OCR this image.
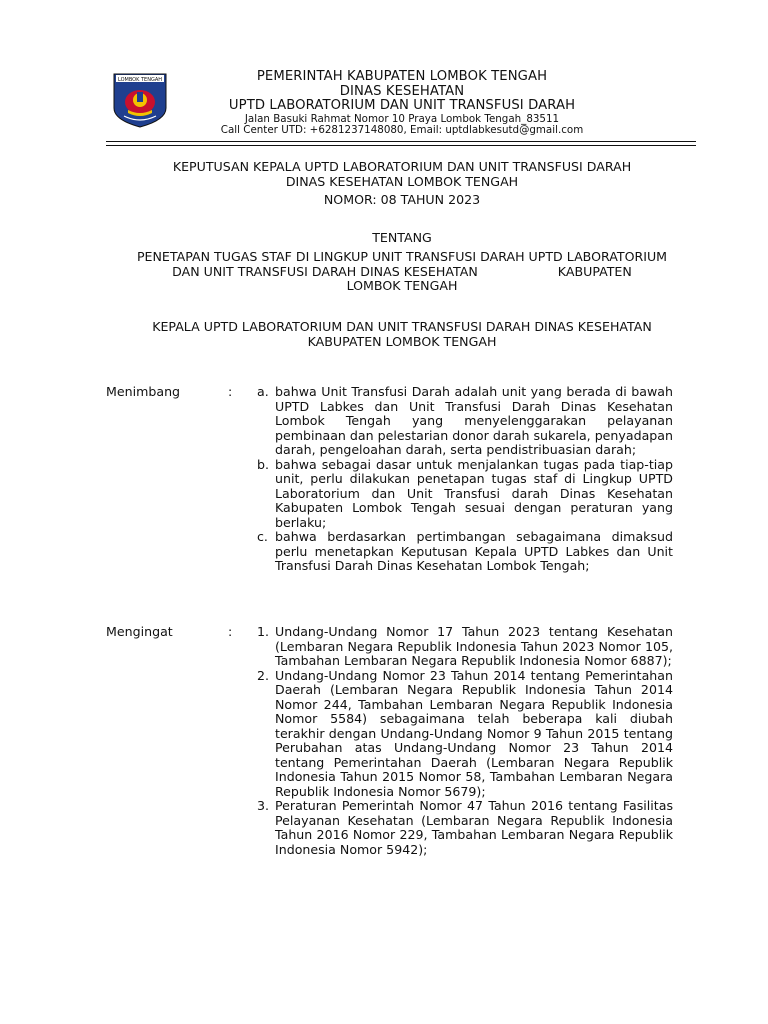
LOMBOK TENGAH	PEMERINTAH KABUPATEN LOMBOK TENGAH
DINAS KESEHATAN
UPTD LABORATORIUM DAN UNIT TRANSFUSI DARAH
Jalan Basuki Rahmat Nomor 10 Praya Lombok Tengah_83511
Call Center UTD: +6281237148080, Email: uptdlabkesutd@gmail.com
KEPUTUSAN KEPALA UPTD LABORATORIUM DAN UNIT TRANSFUSI DARAH
DINAS KESEHATAN LOMBOK TENGAH
NOMOR: 08 TAHUN 2023
TENTANG
PENETAPAN TUGAS STAF DI LINGKUP UNIT TRANSFUSI DARAH UPTD LABORATORIUM
DAN UNIT TRANSFUSI DARAH DINAS KESEHATAN                    KABUPATEN
LOMBOK TENGAH
KEPALA UPTD LABORATORIUM DAN UNIT TRANSFUSI DARAH DINAS KESEHATAN
KABUPATEN LOMBOK TENGAH
Menimbang	: a. bahwa Unit Transfusi Darah adalah unit yang berada di bawah UPTD Labkes dan Unit Transfusi Darah Dinas Kesehatan Lombok Tengah yang menyelenggarakan pelayanan pembinaan dan pelestarian donor darah sukarela, penyadapan darah, pengeloahan darah, serta pendistribuasian darah;
b. bahwa sebagai dasar untuk menjalankan tugas pada tiap-tiap unit, perlu dilakukan penetapan tugas staf di Lingkup UPTD Laboratorium dan Unit Transfusi darah Dinas Kesehatan Kabupaten Lombok Tengah sesuai dengan peraturan yang berlaku;
c. bahwa berdasarkan pertimbangan sebagaimana dimaksud perlu menetapkan Keputusan Kepala UPTD Labkes dan Unit Transfusi Darah Dinas Kesehatan Lombok Tengah;
Mengingat	: 1. Undang-Undang Nomor 17 Tahun 2023 tentang Kesehatan (Lembaran Negara Republik Indonesia Tahun 2023 Nomor 105, Tambahan Lembaran Negara Republik Indonesia Nomor 6887);
2. Undang-Undang Nomor 23 Tahun 2014 tentang Pemerintahan Daerah (Lembaran Negara Republik Indonesia Tahun 2014 Nomor 244, Tambahan Lembaran Negara Republik Indonesia Nomor 5584) sebagaimana telah beberapa kali diubah terakhir dengan Undang-Undang Nomor 9 Tahun 2015 tentang Perubahan atas Undang-Undang Nomor 23 Tahun 2014 tentang Pemerintahan Daerah (Lembaran Negara Republik Indonesia Tahun 2015 Nomor 58, Tambahan Lembaran Negara Republik Indonesia Nomor 5679);
3. Peraturan Pemerintah Nomor 47 Tahun 2016 tentang Fasilitas Pelayanan Kesehatan (Lembaran Negara Republik Indonesia Tahun 2016 Nomor 229, Tambahan Lembaran Negara Republik Indonesia Nomor 5942);
